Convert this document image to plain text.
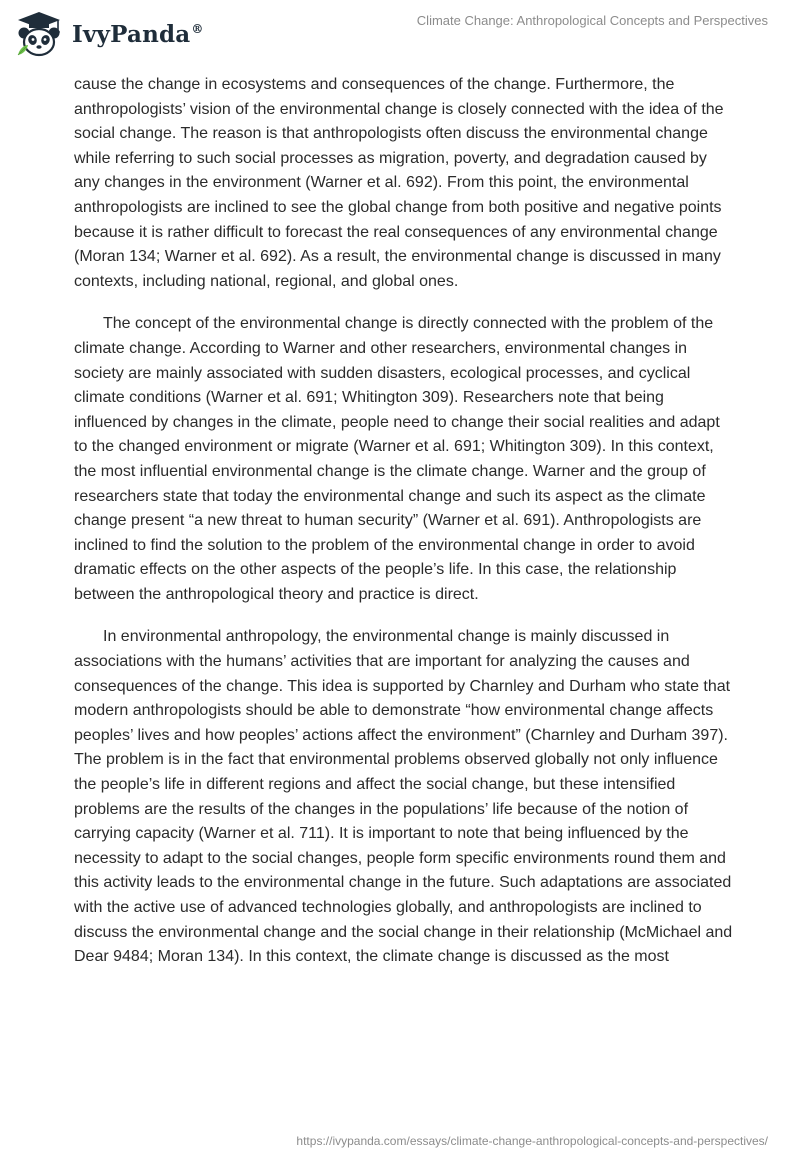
IvyPanda®
Climate Change: Anthropological Concepts and Perspectives

cause the change in ecosystems and consequences of the change. Furthermore, the anthropologists’ vision of the environmental change is closely connected with the idea of the social change. The reason is that anthropologists often discuss the environmental change while referring to such social processes as migration, poverty, and degradation caused by any changes in the environment (Warner et al. 692). From this point, the environmental anthropologists are inclined to see the global change from both positive and negative points because it is rather difficult to forecast the real consequences of any environmental change (Moran 134; Warner et al. 692). As a result, the environmental change is discussed in many contexts, including national, regional, and global ones.

The concept of the environmental change is directly connected with the problem of the climate change. According to Warner and other researchers, environmental changes in society are mainly associated with sudden disasters, ecological processes, and cyclical climate conditions (Warner et al. 691; Whitington 309). Researchers note that being influenced by changes in the climate, people need to change their social realities and adapt to the changed environment or migrate (Warner et al. 691; Whitington 309). In this context, the most influential environmental change is the climate change. Warner and the group of researchers state that today the environmental change and such its aspect as the climate change present “a new threat to human security” (Warner et al. 691). Anthropologists are inclined to find the solution to the problem of the environmental change in order to avoid dramatic effects on the other aspects of the people’s life. In this case, the relationship between the anthropological theory and practice is direct.

In environmental anthropology, the environmental change is mainly discussed in associations with the humans’ activities that are important for analyzing the causes and consequences of the change. This idea is supported by Charnley and Durham who state that modern anthropologists should be able to demonstrate “how environmental change affects peoples’ lives and how peoples’ actions affect the environment” (Charnley and Durham 397). The problem is in the fact that environmental problems observed globally not only influence the people’s life in different regions and affect the social change, but these intensified problems are the results of the changes in the populations’ life because of the notion of carrying capacity (Warner et al. 711). It is important to note that being influenced by the necessity to adapt to the social changes, people form specific environments round them and this activity leads to the environmental change in the future. Such adaptations are associated with the active use of advanced technologies globally, and anthropologists are inclined to discuss the environmental change and the social change in their relationship (McMichael and Dear 9484; Moran 134). In this context, the climate change is discussed as the most

https://ivypanda.com/essays/climate-change-anthropological-concepts-and-perspectives/
